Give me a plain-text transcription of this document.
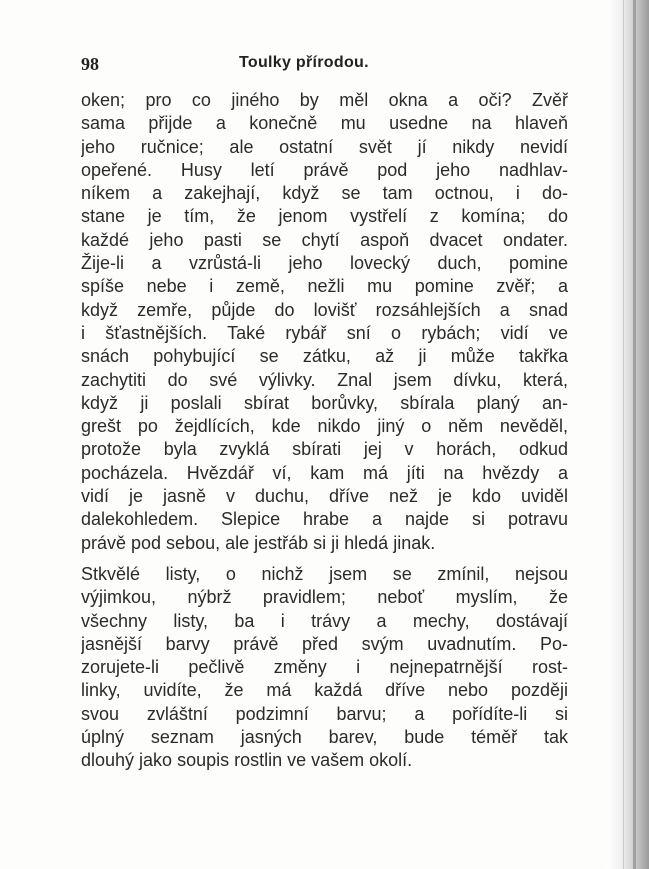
98	Toulky přírodou.
oken; pro co jiného by měl okna a oči? Zvěř
sama přijde a konečně mu usedne na hlaveň
jeho ručnice; ale ostatní svět jí nikdy nevidí
opeřené. Husy letí právě pod jeho nadhlav-
níkem a zakejhají, když se tam octnou, i do-
stane je tím, že jenom vystřelí z komína; do
každé jeho pasti se chytí aspoň dvacet ondater.
Žije-li a vzrůstá-li jeho lovecký duch, pomine
spíše nebe i země, nežli mu pomine zvěř; a
když zemře, půjde do lovišť rozsáhlejších a snad
i šťastnějších. Také rybář sní o rybách; vidí ve
snách pohybující se zátku, až ji může takřka
zachytiti do své výlivky. Znal jsem dívku, která,
když ji poslali sbírat borůvky, sbírala planý an-
grešt po žejdlících, kde nikdo jiný o něm nevěděl,
protože byla zvyklá sbírati jej v horách, odkud
pocházela. Hvězdář ví, kam má jíti na hvězdy a
vidí je jasně v duchu, dříve než je kdo uviděl
dalekohledem. Slepice hrabe a najde si potravu
právě pod sebou, ale jestřáb si ji hledá jinak.
Stkvělé listy, o nichž jsem se zmínil, nejsou
výjimkou, nýbrž pravidlem; neboť myslím, že
všechny listy, ba i trávy a mechy, dostávají
jasnější barvy právě před svým uvadnutím. Po-
zorujete-li pečlivě změny i nejnepatrnější rost-
linky, uvidíte, že má každá dříve nebo později
svou zvláštní podzimní barvu; a pořídíte-li si
úplný seznam jasných barev, bude téměř tak
dlouhý jako soupis rostlin ve vašem okolí.
